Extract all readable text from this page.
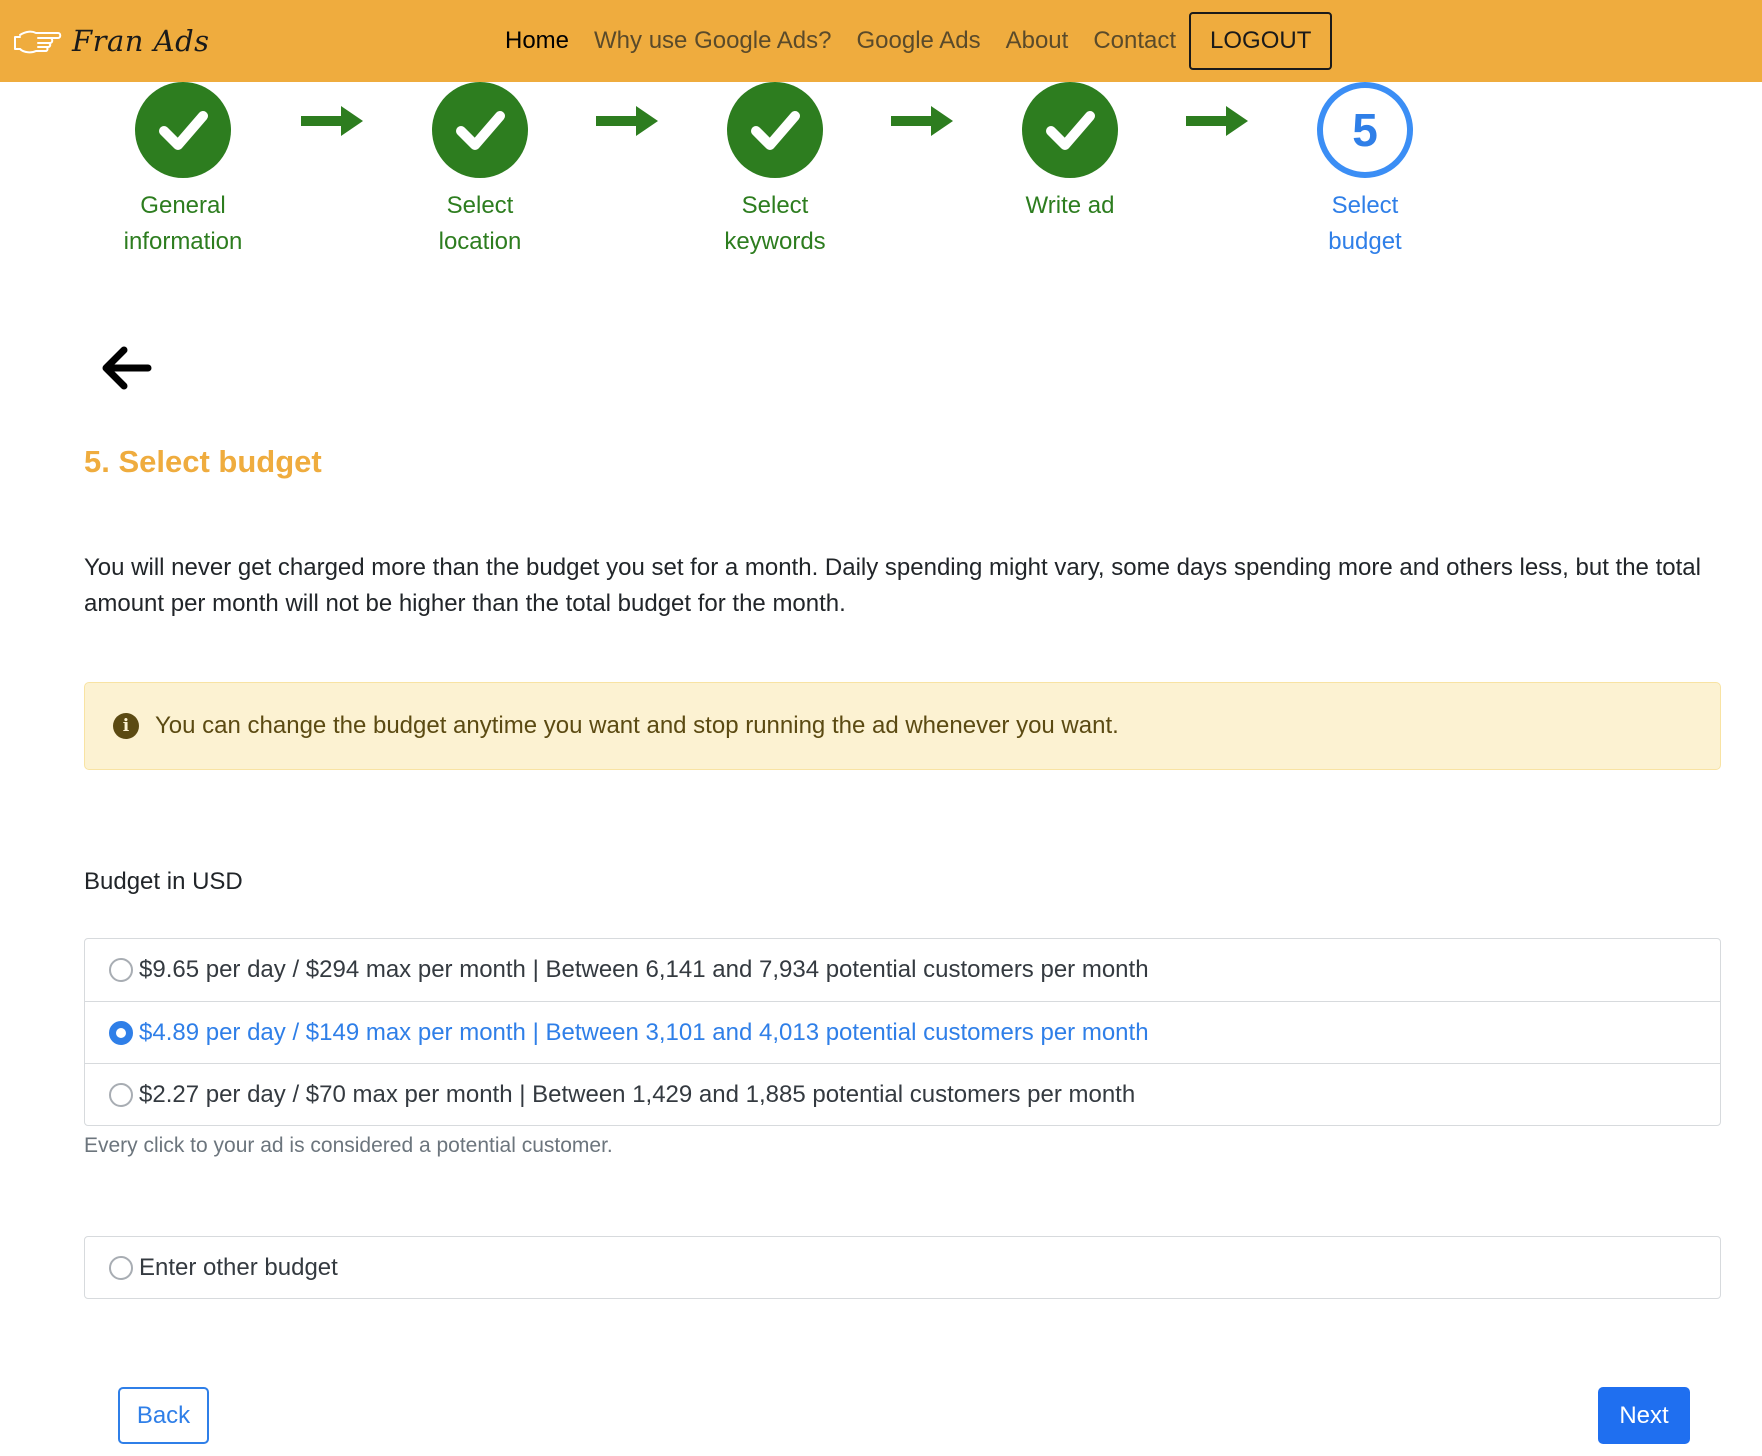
Fran Ads	Home Why use Google Ads? Google Ads About Contact	LOGOUT
General
information
Select
location
Select
keywords
Write ad
5
Select
budget
5. Select budget

You will never get charged more than the budget you set for a month. Daily spending might vary, some days spending more and others less, but the total amount per month will not be higher than the total budget for the month.

i	You can change the budget anytime you want and stop running the ad whenever you want.
Budget in USD
$9.65 per day / $294 max per month | Between 6,141 and 7,934 potential customers per month
$4.89 per day / $149 max per month | Between 3,101 and 4,013 potential customers per month
$2.27 per day / $70 max per month | Between 1,429 and 1,885 potential customers per month

Every click to your ad is considered a potential customer.

Enter other budget
Back	Next
